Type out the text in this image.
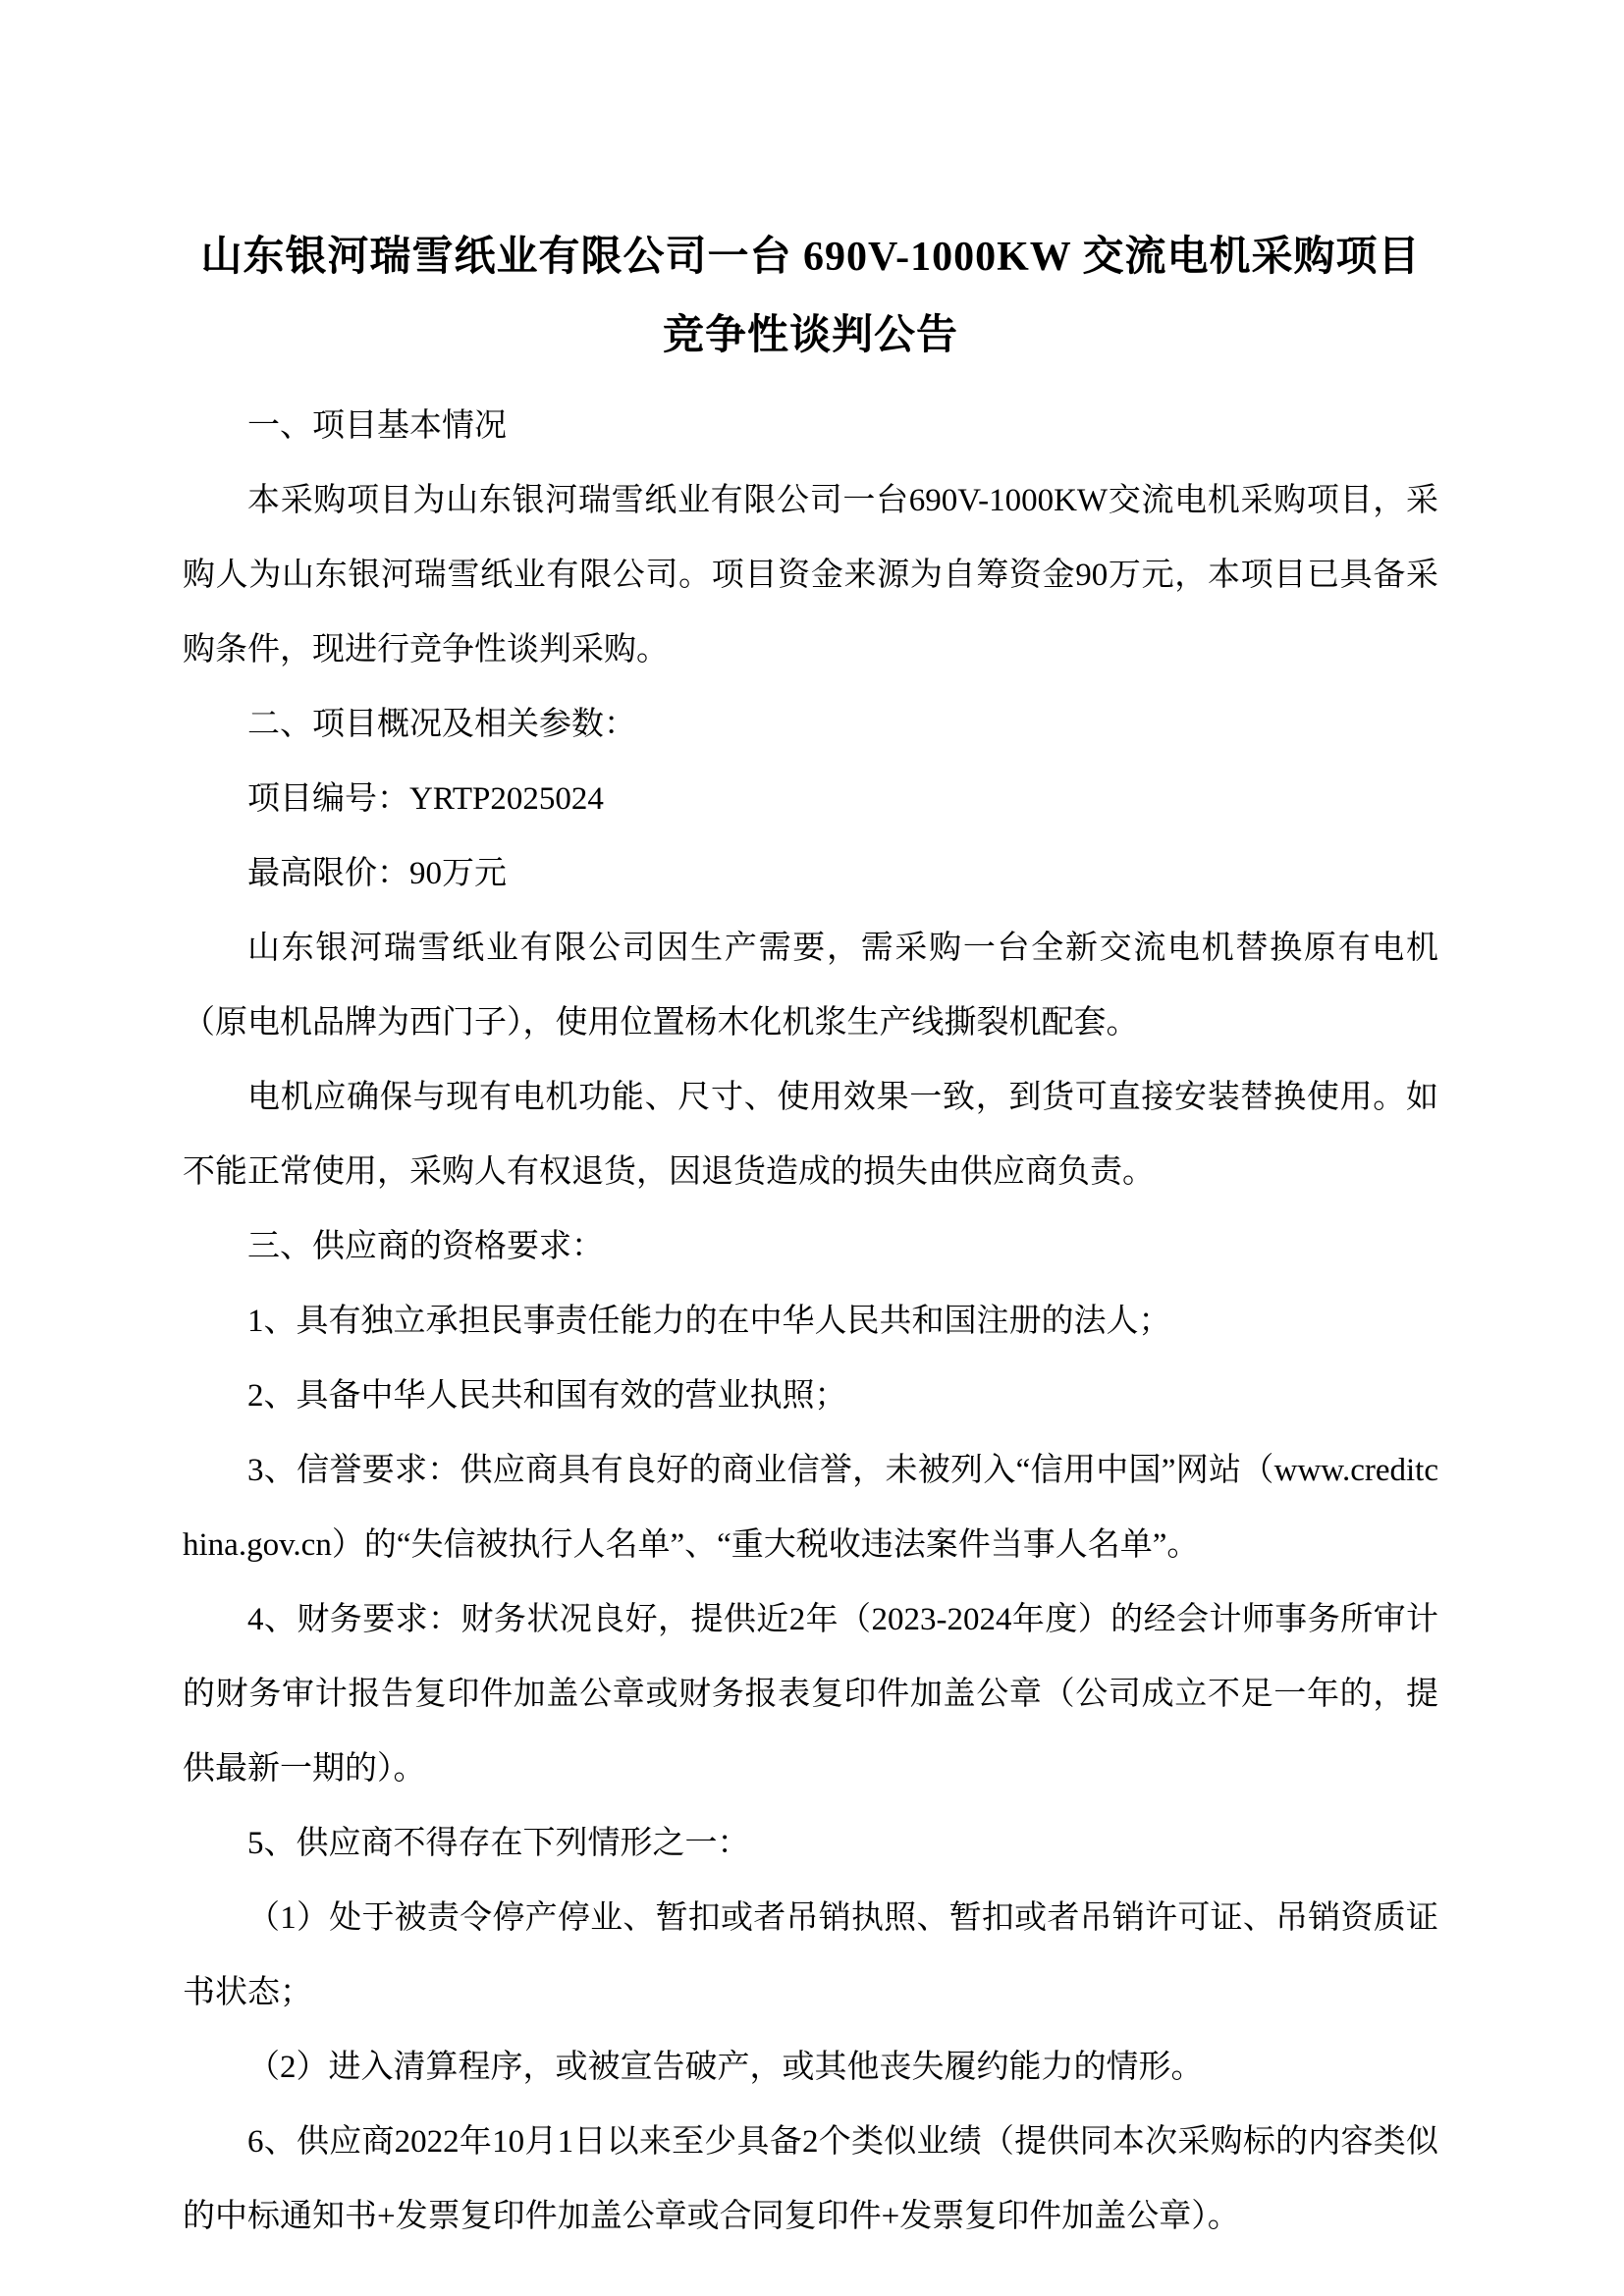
山东银河瑞雪纸业有限公司一台 690V-1000KW 交流电机采购项目
竞争性谈判公告

一、项目基本情况

本采购项目为山东银河瑞雪纸业有限公司一台690V-1000KW交流电机采购项目，采购人为山东银河瑞雪纸业有限公司。项目资金来源为自筹资金90万元，本项目已具备采购条件，现进行竞争性谈判采购。

二、项目概况及相关参数：

项目编号：YRTP2025024

最高限价：90万元

山东银河瑞雪纸业有限公司因生产需要，需采购一台全新交流电机替换原有电机（原电机品牌为西门子），使用位置杨木化机浆生产线撕裂机配套。

电机应确保与现有电机功能、尺寸、使用效果一致，到货可直接安装替换使用。如不能正常使用，采购人有权退货，因退货造成的损失由供应商负责。

三、供应商的资格要求：

1、具有独立承担民事责任能力的在中华人民共和国注册的法人；

2、具备中华人民共和国有效的营业执照；

3、信誉要求：供应商具有良好的商业信誉，未被列入“信用中国”网站（www.creditchina.gov.cn）的“失信被执行人名单”、“重大税收违法案件当事人名单”。

4、财务要求：财务状况良好，提供近2年（2023-2024年度）的经会计师事务所审计的财务审计报告复印件加盖公章或财务报表复印件加盖公章（公司成立不足一年的，提供最新一期的）。

5、供应商不得存在下列情形之一：

（1）处于被责令停产停业、暂扣或者吊销执照、暂扣或者吊销许可证、吊销资质证书状态；

（2）进入清算程序，或被宣告破产，或其他丧失履约能力的情形。

6、供应商2022年10月1日以来至少具备2个类似业绩（提供同本次采购标的内容类似的中标通知书+发票复印件加盖公章或合同复印件+发票复印件加盖公章）。
